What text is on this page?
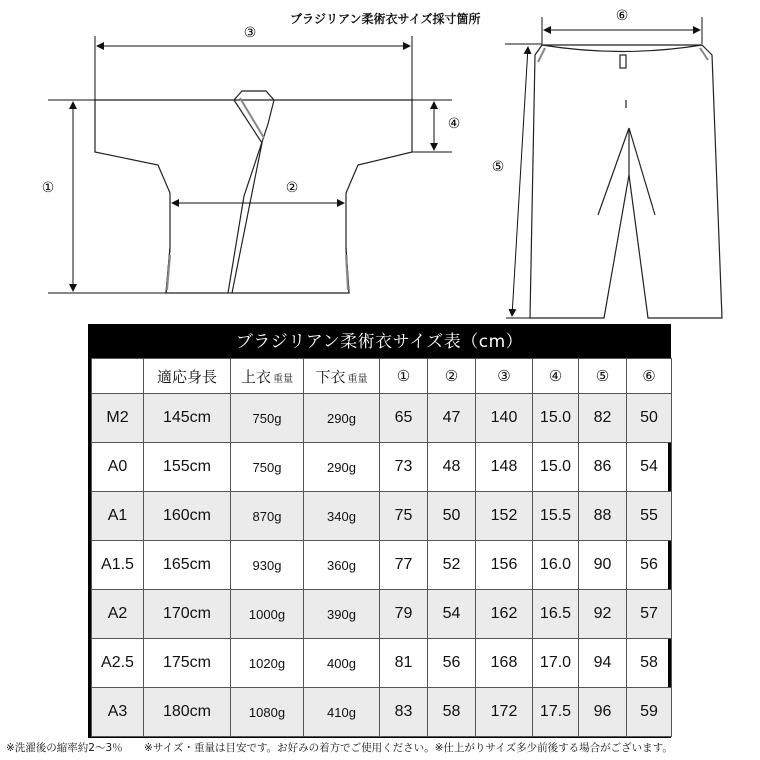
③
①
④
②
⑤
⑥
ブラジリアン柔術衣サイズ採寸箇所
ブラジリアン柔術衣サイズ表（cm）
	適応身長	上衣 重量	下衣 重量	①	②	③	④	⑤	⑥
M2	145cm	750g	290g	65	47	140	15.0	82	50
A0	155cm	750g	290g	73	48	148	15.0	86	54
A1	160cm	870g	340g	75	50	152	15.5	88	55
A1.5	165cm	930g	360g	77	52	156	16.0	90	56
A2	170cm	1000g	390g	79	54	162	16.5	92	57
A2.5	175cm	1020g	400g	81	56	168	17.0	94	58
A3	180cm	1080g	410g	83	58	172	17.5	96	59
※洗濯後の縮率約2〜3％ ※サイズ・重量は目安です。お好みの着方でご使用ください。※仕上がりサイズ多少前後する場合がございます。
